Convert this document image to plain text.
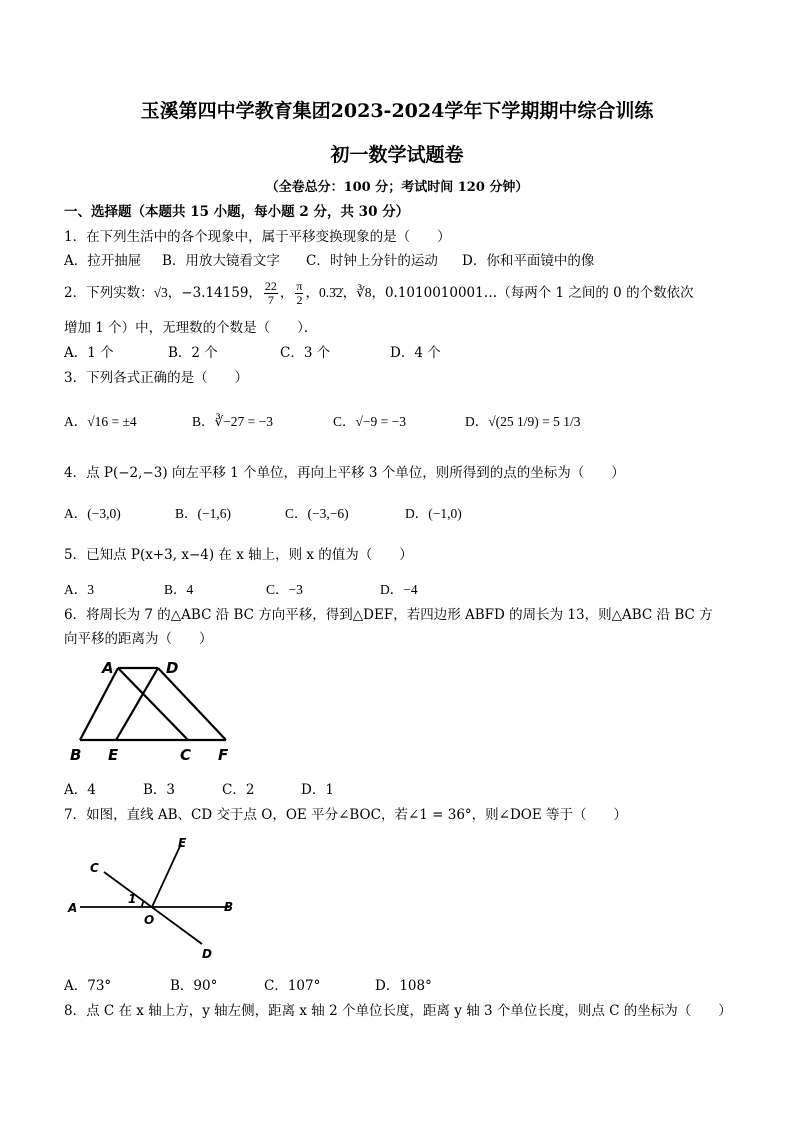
玉溪第四中学教育集团2023-2024学年下学期期中综合训练
初一数学试题卷
（全卷总分：100 分；考试时间 120 分钟）
一、选择题（本题共 15 小题，每小题 2 分，共 30 分）
1．在下列生活中的各个现象中，属于平移变换现象的是（　　）
A．拉开抽屉 B．用放大镜看文字 C．时钟上分针的运动 D．你和平面镜中的像
2．下列实数：√3，−3.14159， $\frac{22}{7}$ ， $\frac{\pi}{2}$ ，0.3̇2̇，∛8，0.1010010001…（每两个 1 之间的 0 的个数依次
增加 1 个）中，无理数的个数是（　　）．
A．1 个	B．2 个	C．3 个	D．4 个
3．下列各式正确的是（　　）
A．√16 = ±4	B．∛−27 = −3	C．√−9 = −3	D．√(25 1/9) = 5 1/3
4．点 P(−2,−3) 向左平移 1 个单位，再向上平移 3 个单位，则所得到的点的坐标为（　　）
A．(−3,0)	B．(−1,6)	C．(−3,−6)	D．(−1,0)
5．已知点 P(x+3, x−4) 在 x 轴上，则 x 的值为（　　）
A．3	B．4	C．−3	D．−4
6．将周长为 7 的△ABC 沿 BC 方向平移，得到△DEF，若四边形 ABFD 的周长为 13，则△ABC 沿 BC 方
向平移的距离为（　　）
A	D
B E	C F
A．4	B．3	C．2	D．1
7．如图，直线 AB、CD 交于点 O，OE 平分∠BOC，若∠1 = 36°，则∠DOE 等于（　　）
C
E
A
1
O
B
D
A．73°	B．90°	C．107°	D．108°
8．点 C 在 x 轴上方，y 轴左侧，距离 x 轴 2 个单位长度，距离 y 轴 3 个单位长度，则点 C 的坐标为（　　）
